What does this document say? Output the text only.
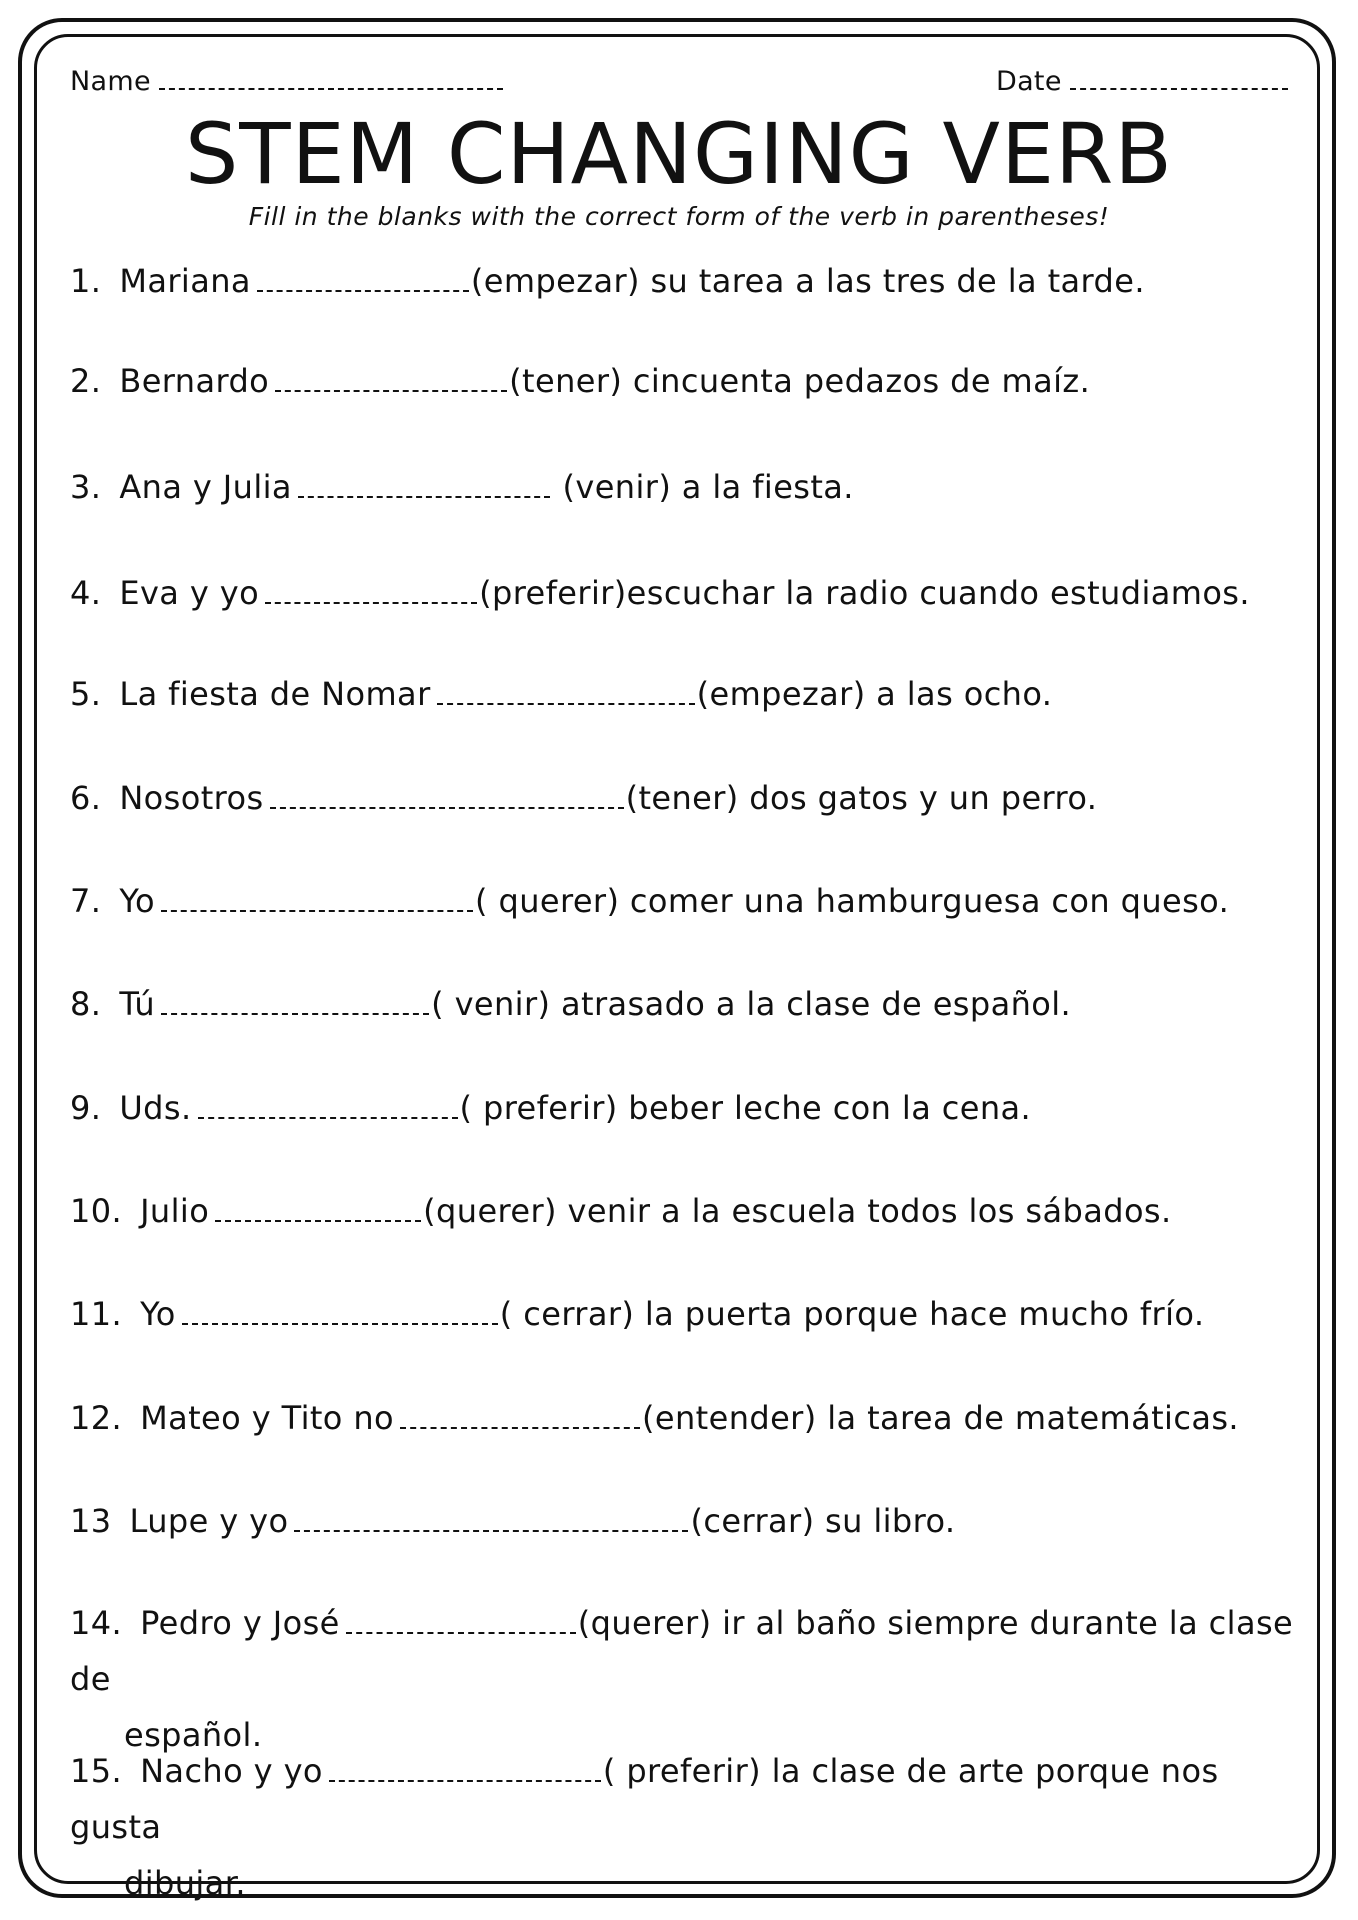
Name	Date
STEM CHANGING VERB

Fill in the blanks with the correct form of the verb in parentheses!

1. Mariana	(empezar) su tarea a las tres de la tarde.
2. Bernardo	(tener) cincuenta pedazos de maíz.
3. Ana y Julia	(venir) a la fiesta.
4. Eva y yo	(preferir)escuchar la radio cuando estudiamos.
5. La fiesta de Nomar	(empezar) a las ocho.
6. Nosotros	(tener) dos gatos y un perro.
7. Yo	( querer) comer una hamburguesa con queso.
8. Tú	( venir) atrasado a la clase de español.
9. Uds.	( preferir) beber leche con la cena.
10. Julio	(querer) venir a la escuela todos los sábados.
11. Yo	( cerrar) la puerta porque hace mucho frío.
12. Mateo y Tito no	(entender) la tarea de matemáticas.
13 Lupe y yo	(cerrar) su libro.
14. Pedro y José	(querer) ir al baño siempre durante la clase de
español.
15. Nacho y yo	( preferir) la clase de arte porque nos gusta
dibujar.
